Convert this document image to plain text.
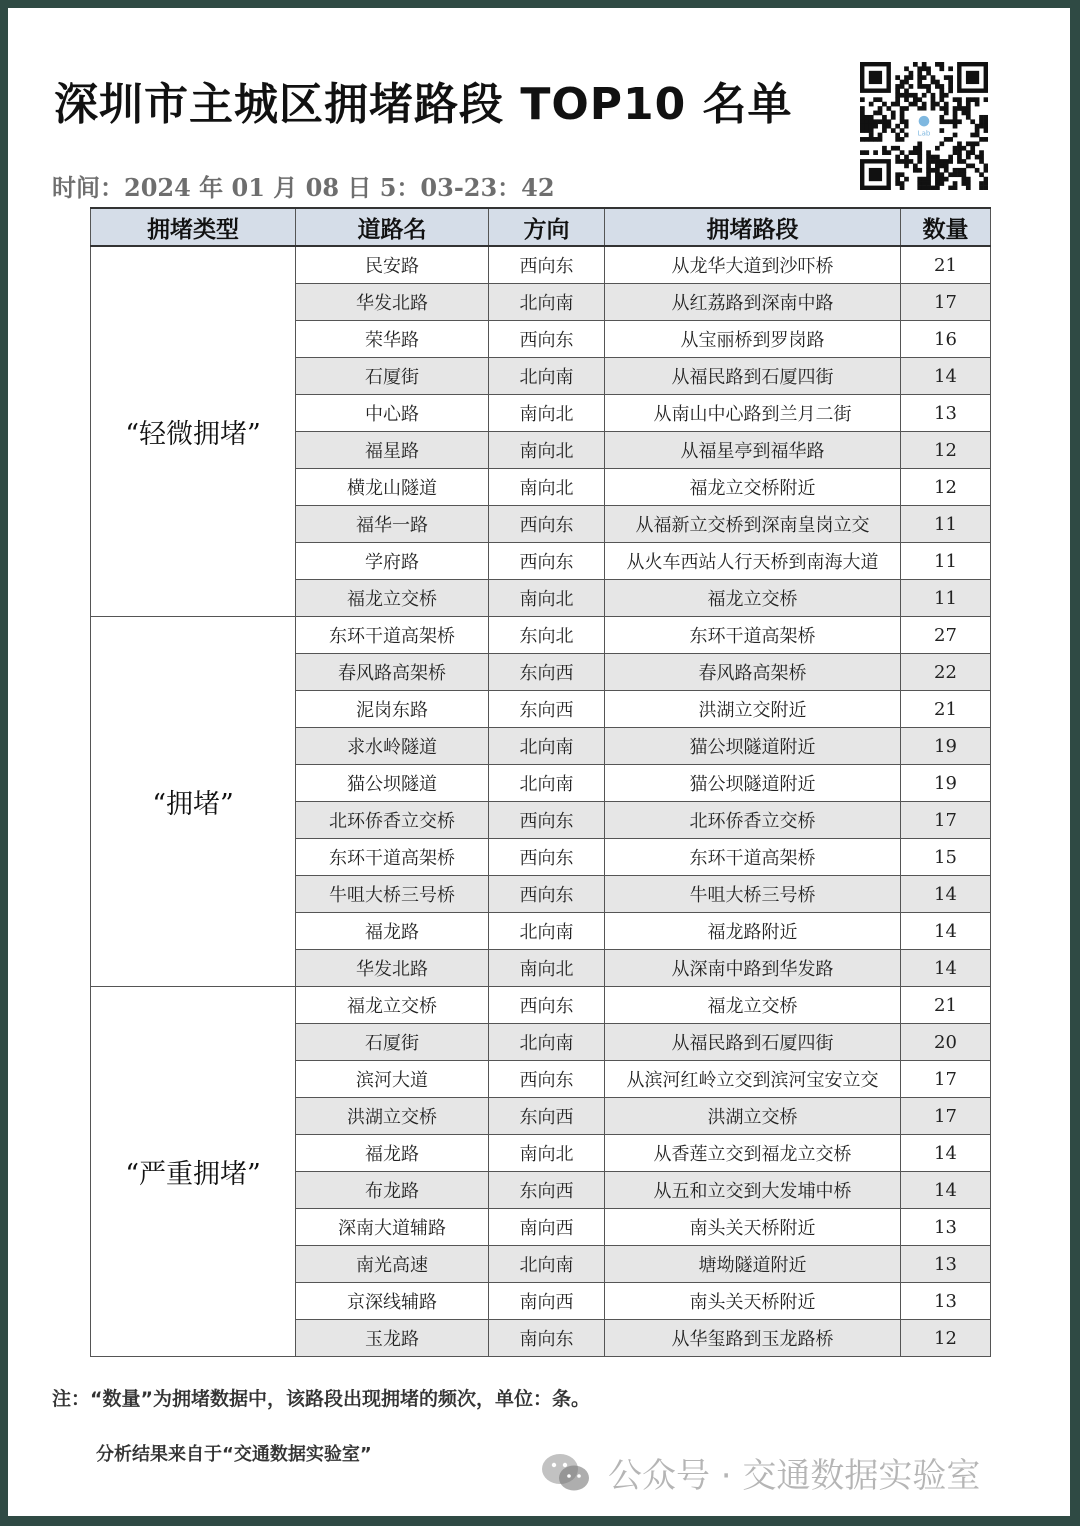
深圳市主城区拥堵路段 TOP10 名单
时间：2024 年 01 月 08 日 5：03-23：42
Lab
拥堵类型	道路名	方向	拥堵路段	数量
“轻微拥堵”	民安路	西向东	从龙华大道到沙吓桥	21
	华发北路	北向南	从红荔路到深南中路	17
	荣华路	西向东	从宝丽桥到罗岗路	16
	石厦街	北向南	从福民路到石厦四街	14
	中心路	南向北	从南山中心路到兰月二街	13
	福星路	南向北	从福星亭到福华路	12
	横龙山隧道	南向北	福龙立交桥附近	12
	福华一路	西向东	从福新立交桥到深南皇岗立交	11
	学府路	西向东	从火车西站人行天桥到南海大道	11
	福龙立交桥	南向北	福龙立交桥	11
“拥堵”	东环干道高架桥	东向北	东环干道高架桥	27
	春风路高架桥	东向西	春风路高架桥	22
	泥岗东路	东向西	洪湖立交附近	21
	求水岭隧道	北向南	猫公坝隧道附近	19
	猫公坝隧道	北向南	猫公坝隧道附近	19
	北环侨香立交桥	西向东	北环侨香立交桥	17
	东环干道高架桥	西向东	东环干道高架桥	15
	牛咀大桥三号桥	西向东	牛咀大桥三号桥	14
	福龙路	北向南	福龙路附近	14
	华发北路	南向北	从深南中路到华发路	14
“严重拥堵”	福龙立交桥	西向东	福龙立交桥	21
	石厦街	北向南	从福民路到石厦四街	20
	滨河大道	西向东	从滨河红岭立交到滨河宝安立交	17
	洪湖立交桥	东向西	洪湖立交桥	17
	福龙路	南向北	从香莲立交到福龙立交桥	14
	布龙路	东向西	从五和立交到大发埔中桥	14
	深南大道辅路	南向西	南头关天桥附近	13
	南光高速	北向南	塘坳隧道附近	13
	京深线辅路	南向西	南头关天桥附近	13
	玉龙路	南向东	从华玺路到玉龙路桥	12
注：“数量”为拥堵数据中，该路段出现拥堵的频次，单位：条。
分析结果来自于“交通数据实验室”
公众号 · 交通数据实验室
